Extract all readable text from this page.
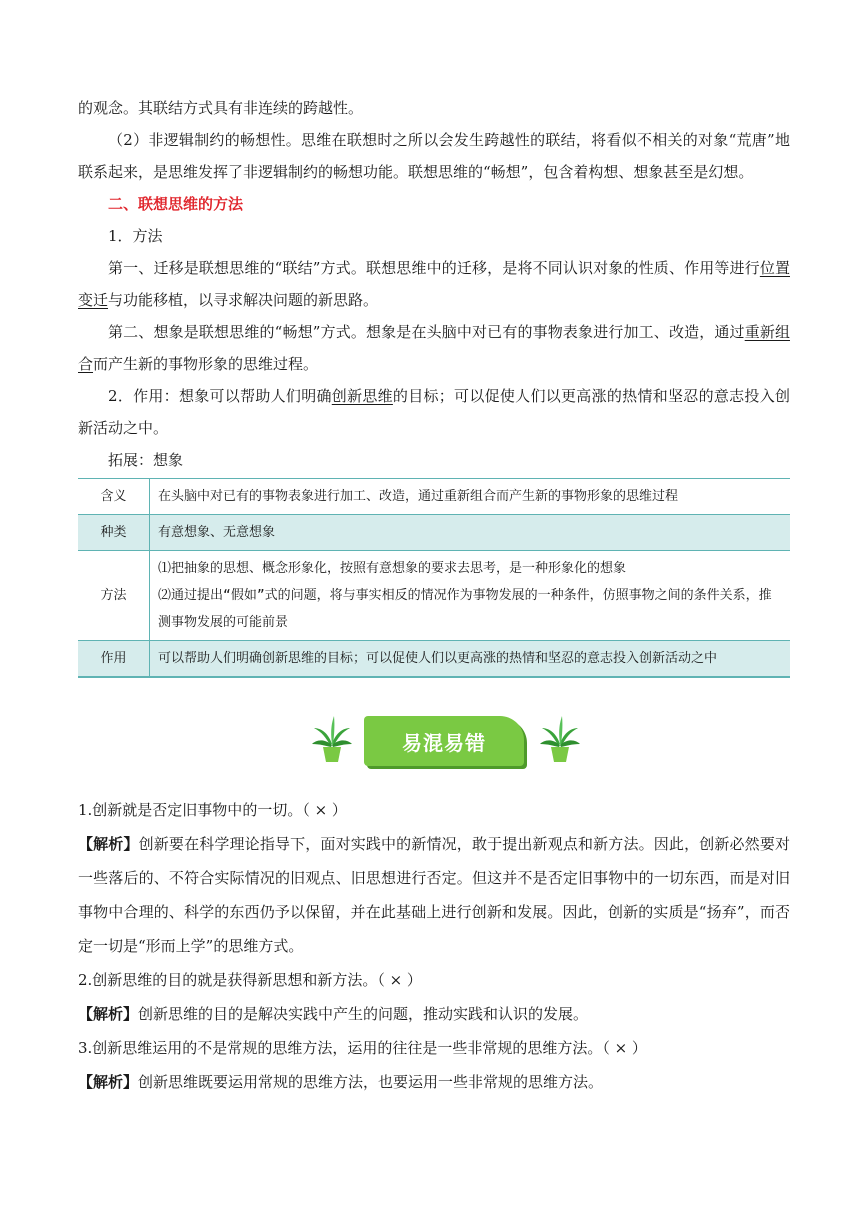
的观念。其联结方式具有非连续的跨越性。

（2）非逻辑制约的畅想性。思维在联想时之所以会发生跨越性的联结，将看似不相关的对象“荒唐”地联系起来，是思维发挥了非逻辑制约的畅想功能。联想思维的“畅想”，包含着构想、想象甚至是幻想。

二、联想思维的方法

1．方法

第一、迁移是联想思维的“联结”方式。联想思维中的迁移，是将不同认识对象的性质、作用等进行位置变迁与功能移植，以寻求解决问题的新思路。

第二、想象是联想思维的“畅想”方式。想象是在头脑中对已有的事物表象进行加工、改造，通过重新组合而产生新的事物形象的思维过程。

2．作用：想象可以帮助人们明确创新思维的目标；可以促使人们以更高涨的热情和坚忍的意志投入创新活动之中。

拓展：想象

含义	在头脑中对已有的事物表象进行加工、改造，通过重新组合而产生新的事物形象的思维过程
种类	有意想象、无意想象
方法	⑴把抽象的思想、概念形象化，按照有意想象的要求去思考，是一种形象化的想象
⑵通过提出“假如”式的问题，将与事实相反的情况作为事物发展的一种条件，仿照事物之间的条件关系，推测事物发展的可能前景

作用	可以帮助人们明确创新思维的目标；可以促使人们以更高涨的热情和坚忍的意志投入创新活动之中
易混易错

1.创新就是否定旧事物中的一切。（ × ）

【解析】创新要在科学理论指导下，面对实践中的新情况，敢于提出新观点和新方法。因此，创新必然要对一些落后的、不符合实际情况的旧观点、旧思想进行否定。但这并不是否定旧事物中的一切东西，而是对旧事物中合理的、科学的东西仍予以保留，并在此基础上进行创新和发展。因此，创新的实质是“扬弃”，而否定一切是“形而上学”的思维方式。

2.创新思维的目的就是获得新思想和新方法。（ × ）

【解析】创新思维的目的是解决实践中产生的问题，推动实践和认识的发展。

3.创新思维运用的不是常规的思维方法，运用的往往是一些非常规的思维方法。（ × ）

【解析】创新思维既要运用常规的思维方法，也要运用一些非常规的思维方法。
